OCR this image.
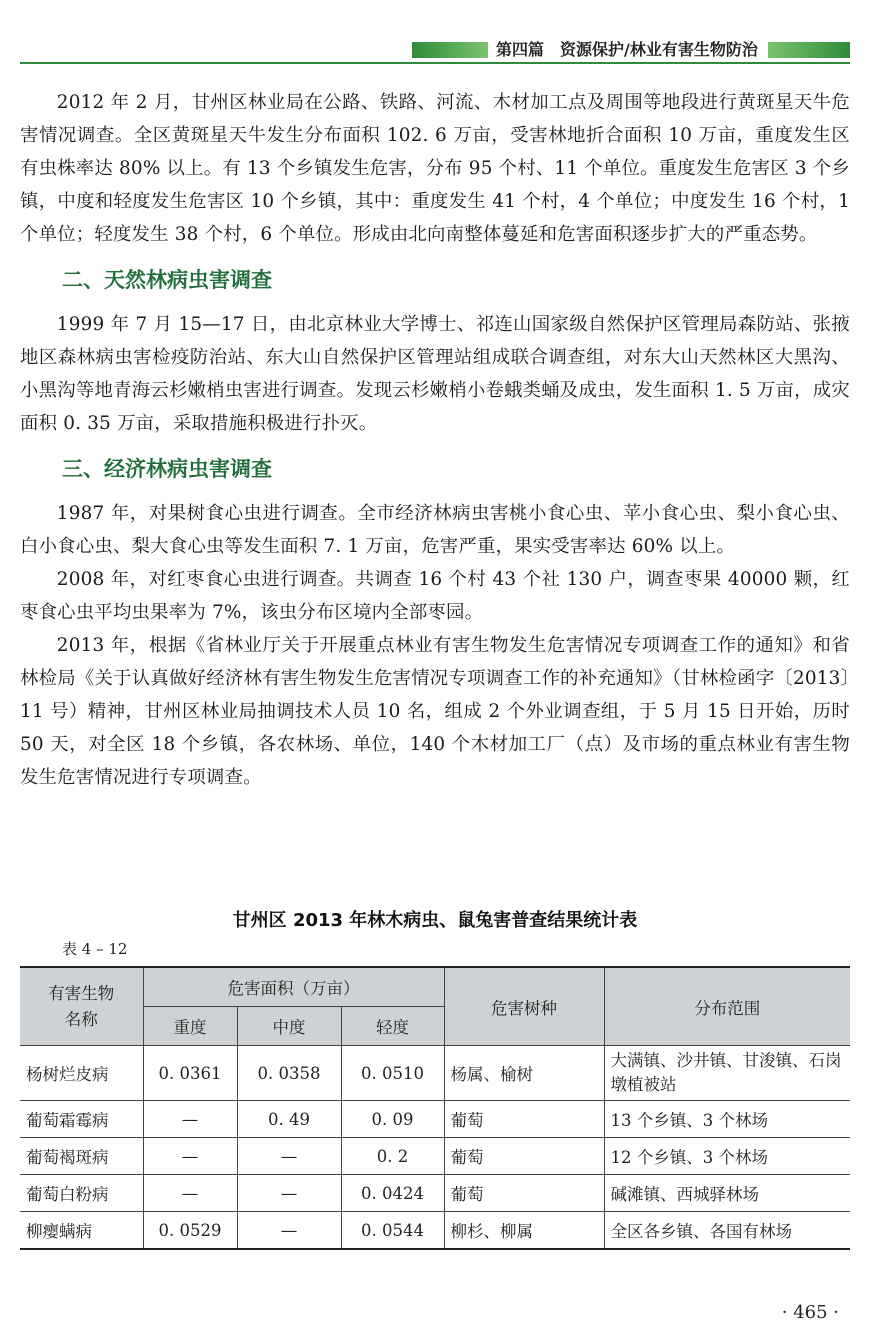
第四篇　资源保护/林业有害生物防治

2012 年 2 月，甘州区林业局在公路、铁路、河流、木材加工点及周围等地段进行黄斑星天牛危害情况调查。全区黄斑星天牛发生分布面积 102. 6 万亩，受害林地折合面积 10 万亩，重度发生区有虫株率达 80% 以上。有 13 个乡镇发生危害，分布 95 个村、11 个单位。重度发生危害区 3 个乡镇，中度和轻度发生危害区 10 个乡镇，其中：重度发生 41 个村，4 个单位；中度发生 16 个村，1 个单位；轻度发生 38 个村，6 个单位。形成由北向南整体蔓延和危害面积逐步扩大的严重态势。

二、天然林病虫害调查

1999 年 7 月 15—17 日，由北京林业大学博士、祁连山国家级自然保护区管理局森防站、张掖地区森林病虫害检疫防治站、东大山自然保护区管理站组成联合调查组，对东大山天然林区大黑沟、小黑沟等地青海云杉嫩梢虫害进行调查。发现云杉嫩梢小卷蛾类蛹及成虫，发生面积 1. 5 万亩，成灾面积 0. 35 万亩，采取措施积极进行扑灭。

三、经济林病虫害调查

1987 年，对果树食心虫进行调查。全市经济林病虫害桃小食心虫、苹小食心虫、梨小食心虫、白小食心虫、梨大食心虫等发生面积 7. 1 万亩，危害严重，果实受害率达 60% 以上。

2008 年，对红枣食心虫进行调查。共调查 16 个村 43 个社 130 户，调查枣果 40000 颗，红枣食心虫平均虫果率为 7%，该虫分布区境内全部枣园。

2013 年，根据《省林业厅关于开展重点林业有害生物发生危害情况专项调查工作的通知》和省林检局《关于认真做好经济林有害生物发生危害情况专项调查工作的补充通知》（甘林检函字〔2013〕11 号）精神，甘州区林业局抽调技术人员 10 名，组成 2 个外业调查组，于 5 月 15 日开始，历时 50 天，对全区 18 个乡镇，各农林场、单位，140 个木材加工厂（点）及市场的重点林业有害生物发生危害情况进行专项调查。

甘州区 2013 年林木病虫、鼠兔害普查结果统计表
表 4 – 12
有害生物名称	危害面积（万亩）			危害树种	分布范围
	重度	中度	轻度		
杨树烂皮病	0. 0361	0. 0358	0. 0510	杨属、榆树	大满镇、沙井镇、甘浚镇、石岗墩植被站
葡萄霜霉病	—	0. 49	0. 09	葡萄	13 个乡镇、3 个林场
葡萄褐斑病	—	—	0. 2	葡萄	12 个乡镇、3 个林场
葡萄白粉病	—	—	0. 0424	葡萄	碱滩镇、西城驿林场
柳瘿螨病	0. 0529	—	0. 0544	柳杉、柳属	全区各乡镇、各国有林场
· 465 ·
